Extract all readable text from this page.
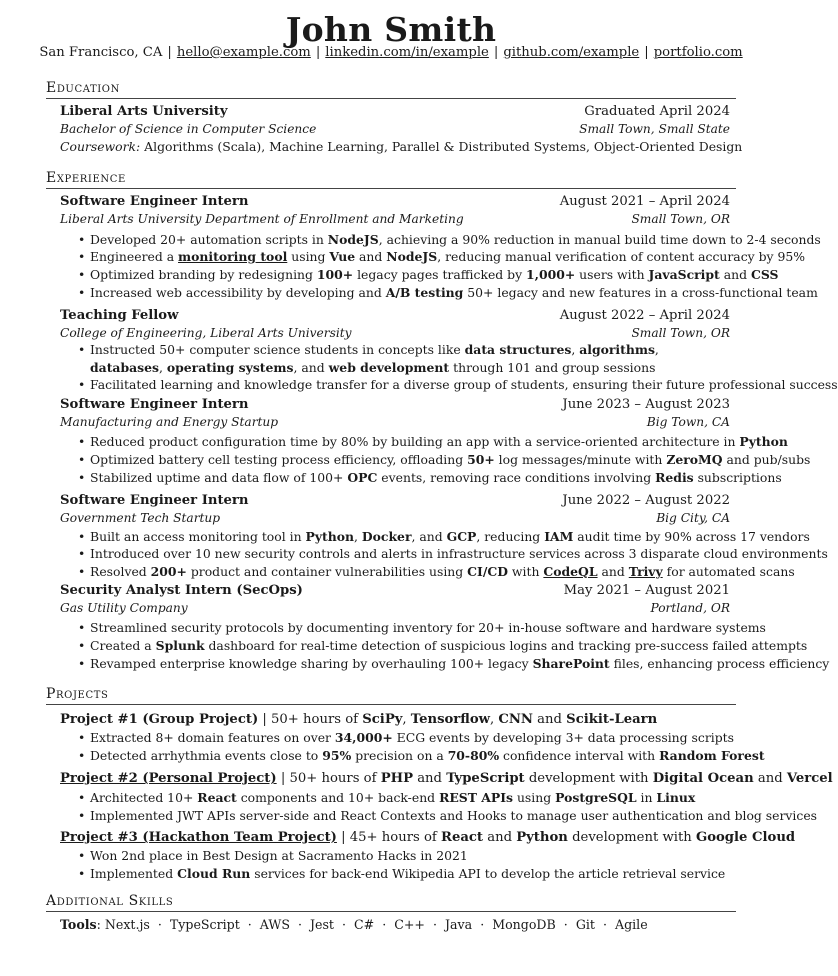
John Smith
San Francisco, CA | hello@example.com | linkedin.com/in/example | github.com/example | portfolio.com
Education
Liberal Arts University	Graduated April 2024
Bachelor of Science in Computer Science	Small Town, Small State
Coursework: Algorithms (Scala), Machine Learning, Parallel & Distributed Systems, Object-Oriented Design
Experience
Software Engineer Intern	August 2021 – April 2024
Liberal Arts University Department of Enrollment and Marketing	Small Town, OR
• Developed 20+ automation scripts in NodeJS, achieving a 90% reduction in manual build time down to 2-4 seconds
• Engineered a monitoring tool using Vue and NodeJS, reducing manual verification of content accuracy by 95%
• Optimized branding by redesigning 100+ legacy pages trafficked by 1,000+ users with JavaScript and CSS
• Increased web accessibility by developing and A/B testing 50+ legacy and new features in a cross-functional team
Teaching Fellow	August 2022 – April 2024
College of Engineering, Liberal Arts University	Small Town, OR
• Instructed 50+ computer science students in concepts like data structures, algorithms, databases, operating systems, and web development through 101 and group sessions
• Facilitated learning and knowledge transfer for a diverse group of students, ensuring their future professional success
Software Engineer Intern	June 2023 – August 2023
Manufacturing and Energy Startup	Big Town, CA
• Reduced product configuration time by 80% by building an app with a service-oriented architecture in Python
• Optimized battery cell testing process efficiency, offloading 50+ log messages/minute with ZeroMQ and pub/subs
• Stabilized uptime and data flow of 100+ OPC events, removing race conditions involving Redis subscriptions
Software Engineer Intern	June 2022 – August 2022
Government Tech Startup	Big City, CA
• Built an access monitoring tool in Python, Docker, and GCP, reducing IAM audit time by 90% across 17 vendors
• Introduced over 10 new security controls and alerts in infrastructure services across 3 disparate cloud environments
• Resolved 200+ product and container vulnerabilities using CI/CD with CodeQL and Trivy for automated scans
Security Analyst Intern (SecOps)	May 2021 – August 2021
Gas Utility Company	Portland, OR
• Streamlined security protocols by documenting inventory for 20+ in-house software and hardware systems
• Created a Splunk dashboard for real-time detection of suspicious logins and tracking pre-success failed attempts
• Revamped enterprise knowledge sharing by overhauling 100+ legacy SharePoint files, enhancing process efficiency
Projects
Project #1 (Group Project) | 50+ hours of SciPy, Tensorflow, CNN and Scikit-Learn
• Extracted 8+ domain features on over 34,000+ ECG events by developing 3+ data processing scripts
• Detected arrhythmia events close to 95% precision on a 70-80% confidence interval with Random Forest
Project #2 (Personal Project) | 50+ hours of PHP and TypeScript development with Digital Ocean and Vercel
• Architected 10+ React components and 10+ back-end REST APIs using PostgreSQL in Linux
• Implemented JWT APIs server-side and React Contexts and Hooks to manage user authentication and blog services
Project #3 (Hackathon Team Project) | 45+ hours of React and Python development with Google Cloud
• Won 2nd place in Best Design at Sacramento Hacks in 2021
• Implemented Cloud Run services for back-end Wikipedia API to develop the article retrieval service
Additional Skills
Tools: Next.js · TypeScript · AWS · Jest · C# · C++ · Java · MongoDB · Git · Agile
